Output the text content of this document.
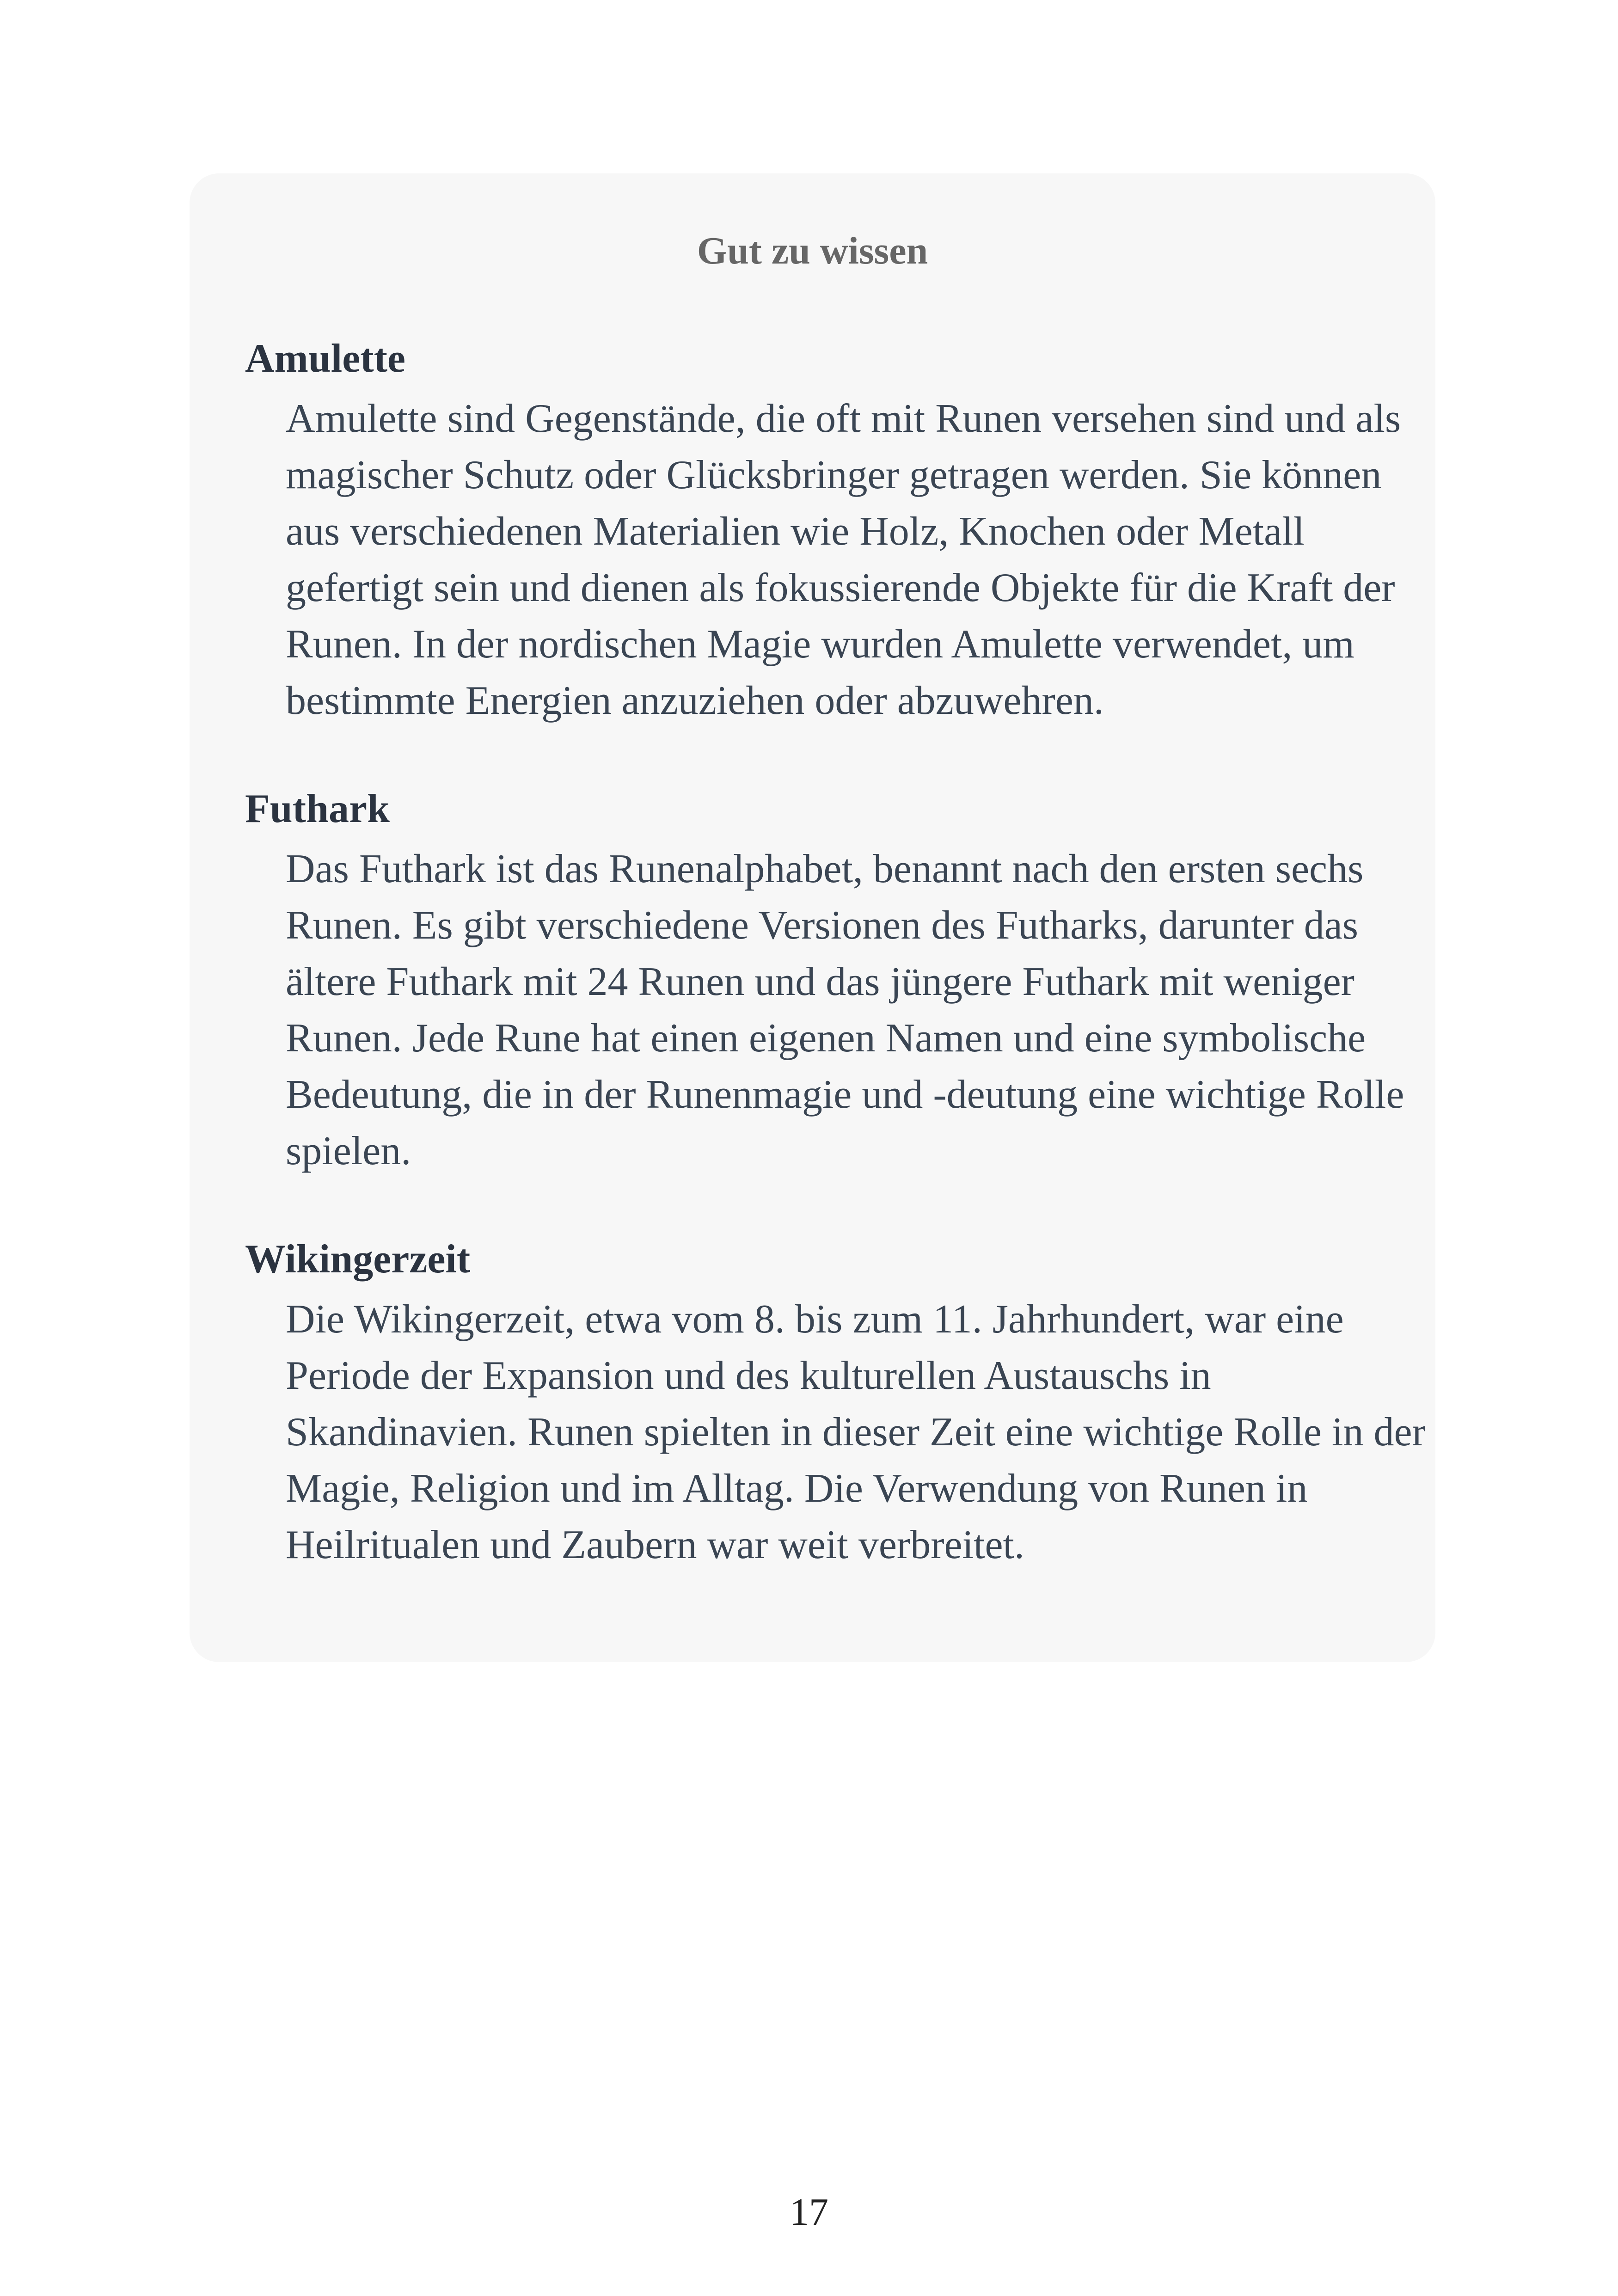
Gut zu wissen
Amulette

Amulette sind Gegenstände, die oft mit Runen versehen sind und als magischer Schutz oder Glücksbringer getragen werden. Sie können aus verschiedenen Materialien wie Holz, Knochen oder Metall gefertigt sein und dienen als fokussierende Objekte für die Kraft der Runen. In der nordischen Magie wurden Amulette verwendet, um bestimmte Energien anzuziehen oder abzuwehren.

Futhark

Das Futhark ist das Runenalphabet, benannt nach den ersten sechs Runen. Es gibt verschiedene Versionen des Futharks, darunter das ältere Futhark mit 24 Runen und das jüngere Futhark mit weniger Runen. Jede Rune hat einen eigenen Namen und eine symbolische Bedeutung, die in der Runenmagie und -deutung eine wichtige Rolle spielen.

Wikingerzeit

Die Wikingerzeit, etwa vom 8. bis zum 11. Jahrhundert, war eine Periode der Expansion und des kulturellen Austauschs in Skandinavien. Runen spielten in dieser Zeit eine wichtige Rolle in der Magie, Religion und im Alltag. Die Verwendung von Runen in Heilritualen und Zaubern war weit verbreitet.

17
